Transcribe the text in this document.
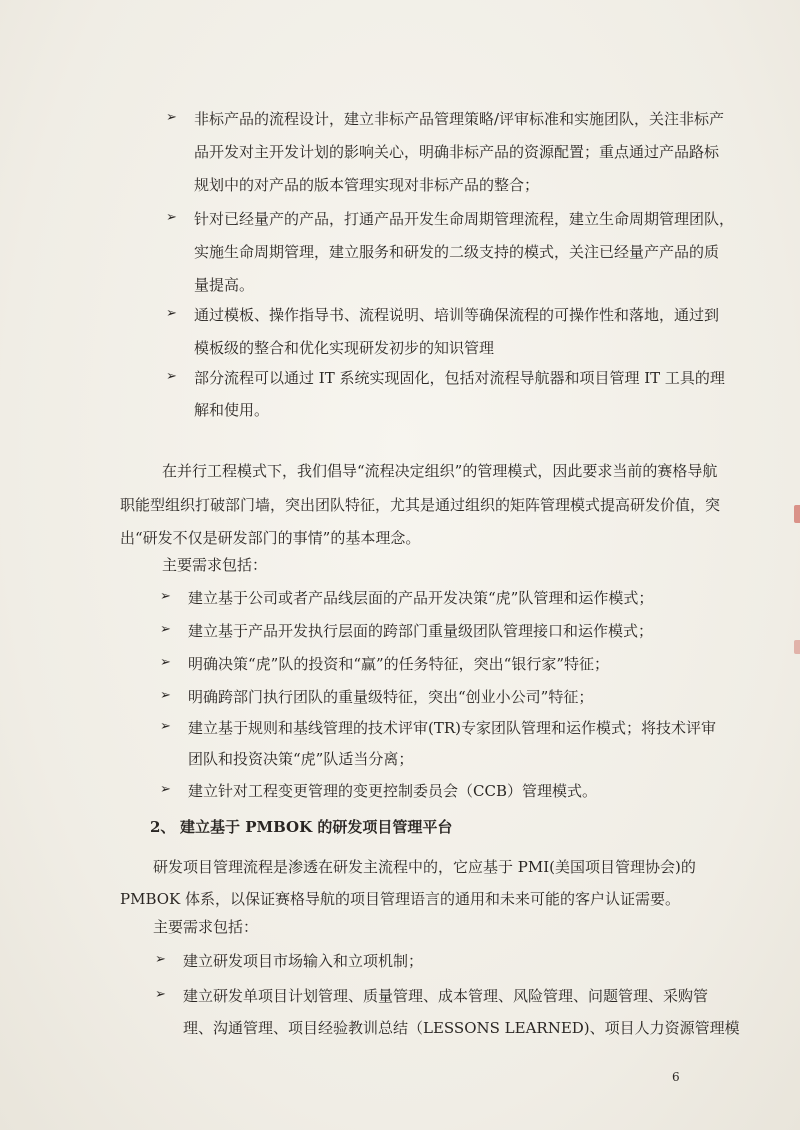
➢ 非标产品的流程设计，建立非标产品管理策略/评审标准和实施团队，关注非标产
品开发对主开发计划的影响关心，明确非标产品的资源配置；重点通过产品路标
规划中的对产品的版本管理实现对非标产品的整合；
➢ 针对已经量产的产品，打通产品开发生命周期管理流程，建立生命周期管理团队，
实施生命周期管理，建立服务和研发的二级支持的模式，关注已经量产产品的质
量提高。
➢ 通过模板、操作指导书、流程说明、培训等确保流程的可操作性和落地，通过到
模板级的整合和优化实现研发初步的知识管理
➢ 部分流程可以通过 IT 系统实现固化，包括对流程导航器和项目管理 IT 工具的理
解和使用。
在并行工程模式下，我们倡导“流程决定组织”的管理模式，因此要求当前的赛格导航
职能型组织打破部门墙，突出团队特征，尤其是通过组织的矩阵管理模式提高研发价值，突
出“研发不仅是研发部门的事情”的基本理念。
主要需求包括：
➢ 建立基于公司或者产品线层面的产品开发决策“虎”队管理和运作模式；
➢ 建立基于产品开发执行层面的跨部门重量级团队管理接口和运作模式；
➢ 明确决策“虎”队的投资和“赢”的任务特征，突出“银行家”特征；
➢ 明确跨部门执行团队的重量级特征，突出“创业小公司”特征；
➢ 建立基于规则和基线管理的技术评审(TR)专家团队管理和运作模式；将技术评审
团队和投资决策“虎”队适当分离；
➢ 建立针对工程变更管理的变更控制委员会（CCB）管理模式。
2、 建立基于 PMBOK 的研发项目管理平台
研发项目管理流程是渗透在研发主流程中的，它应基于 PMI(美国项目管理协会)的
PMBOK 体系，以保证赛格导航的项目管理语言的通用和未来可能的客户认证需要。
主要需求包括：
➢ 建立研发项目市场输入和立项机制；
➢ 建立研发单项目计划管理、质量管理、成本管理、风险管理、问题管理、采购管
理、沟通管理、项目经验教训总结（LESSONS LEARNED)、项目人力资源管理模
6
